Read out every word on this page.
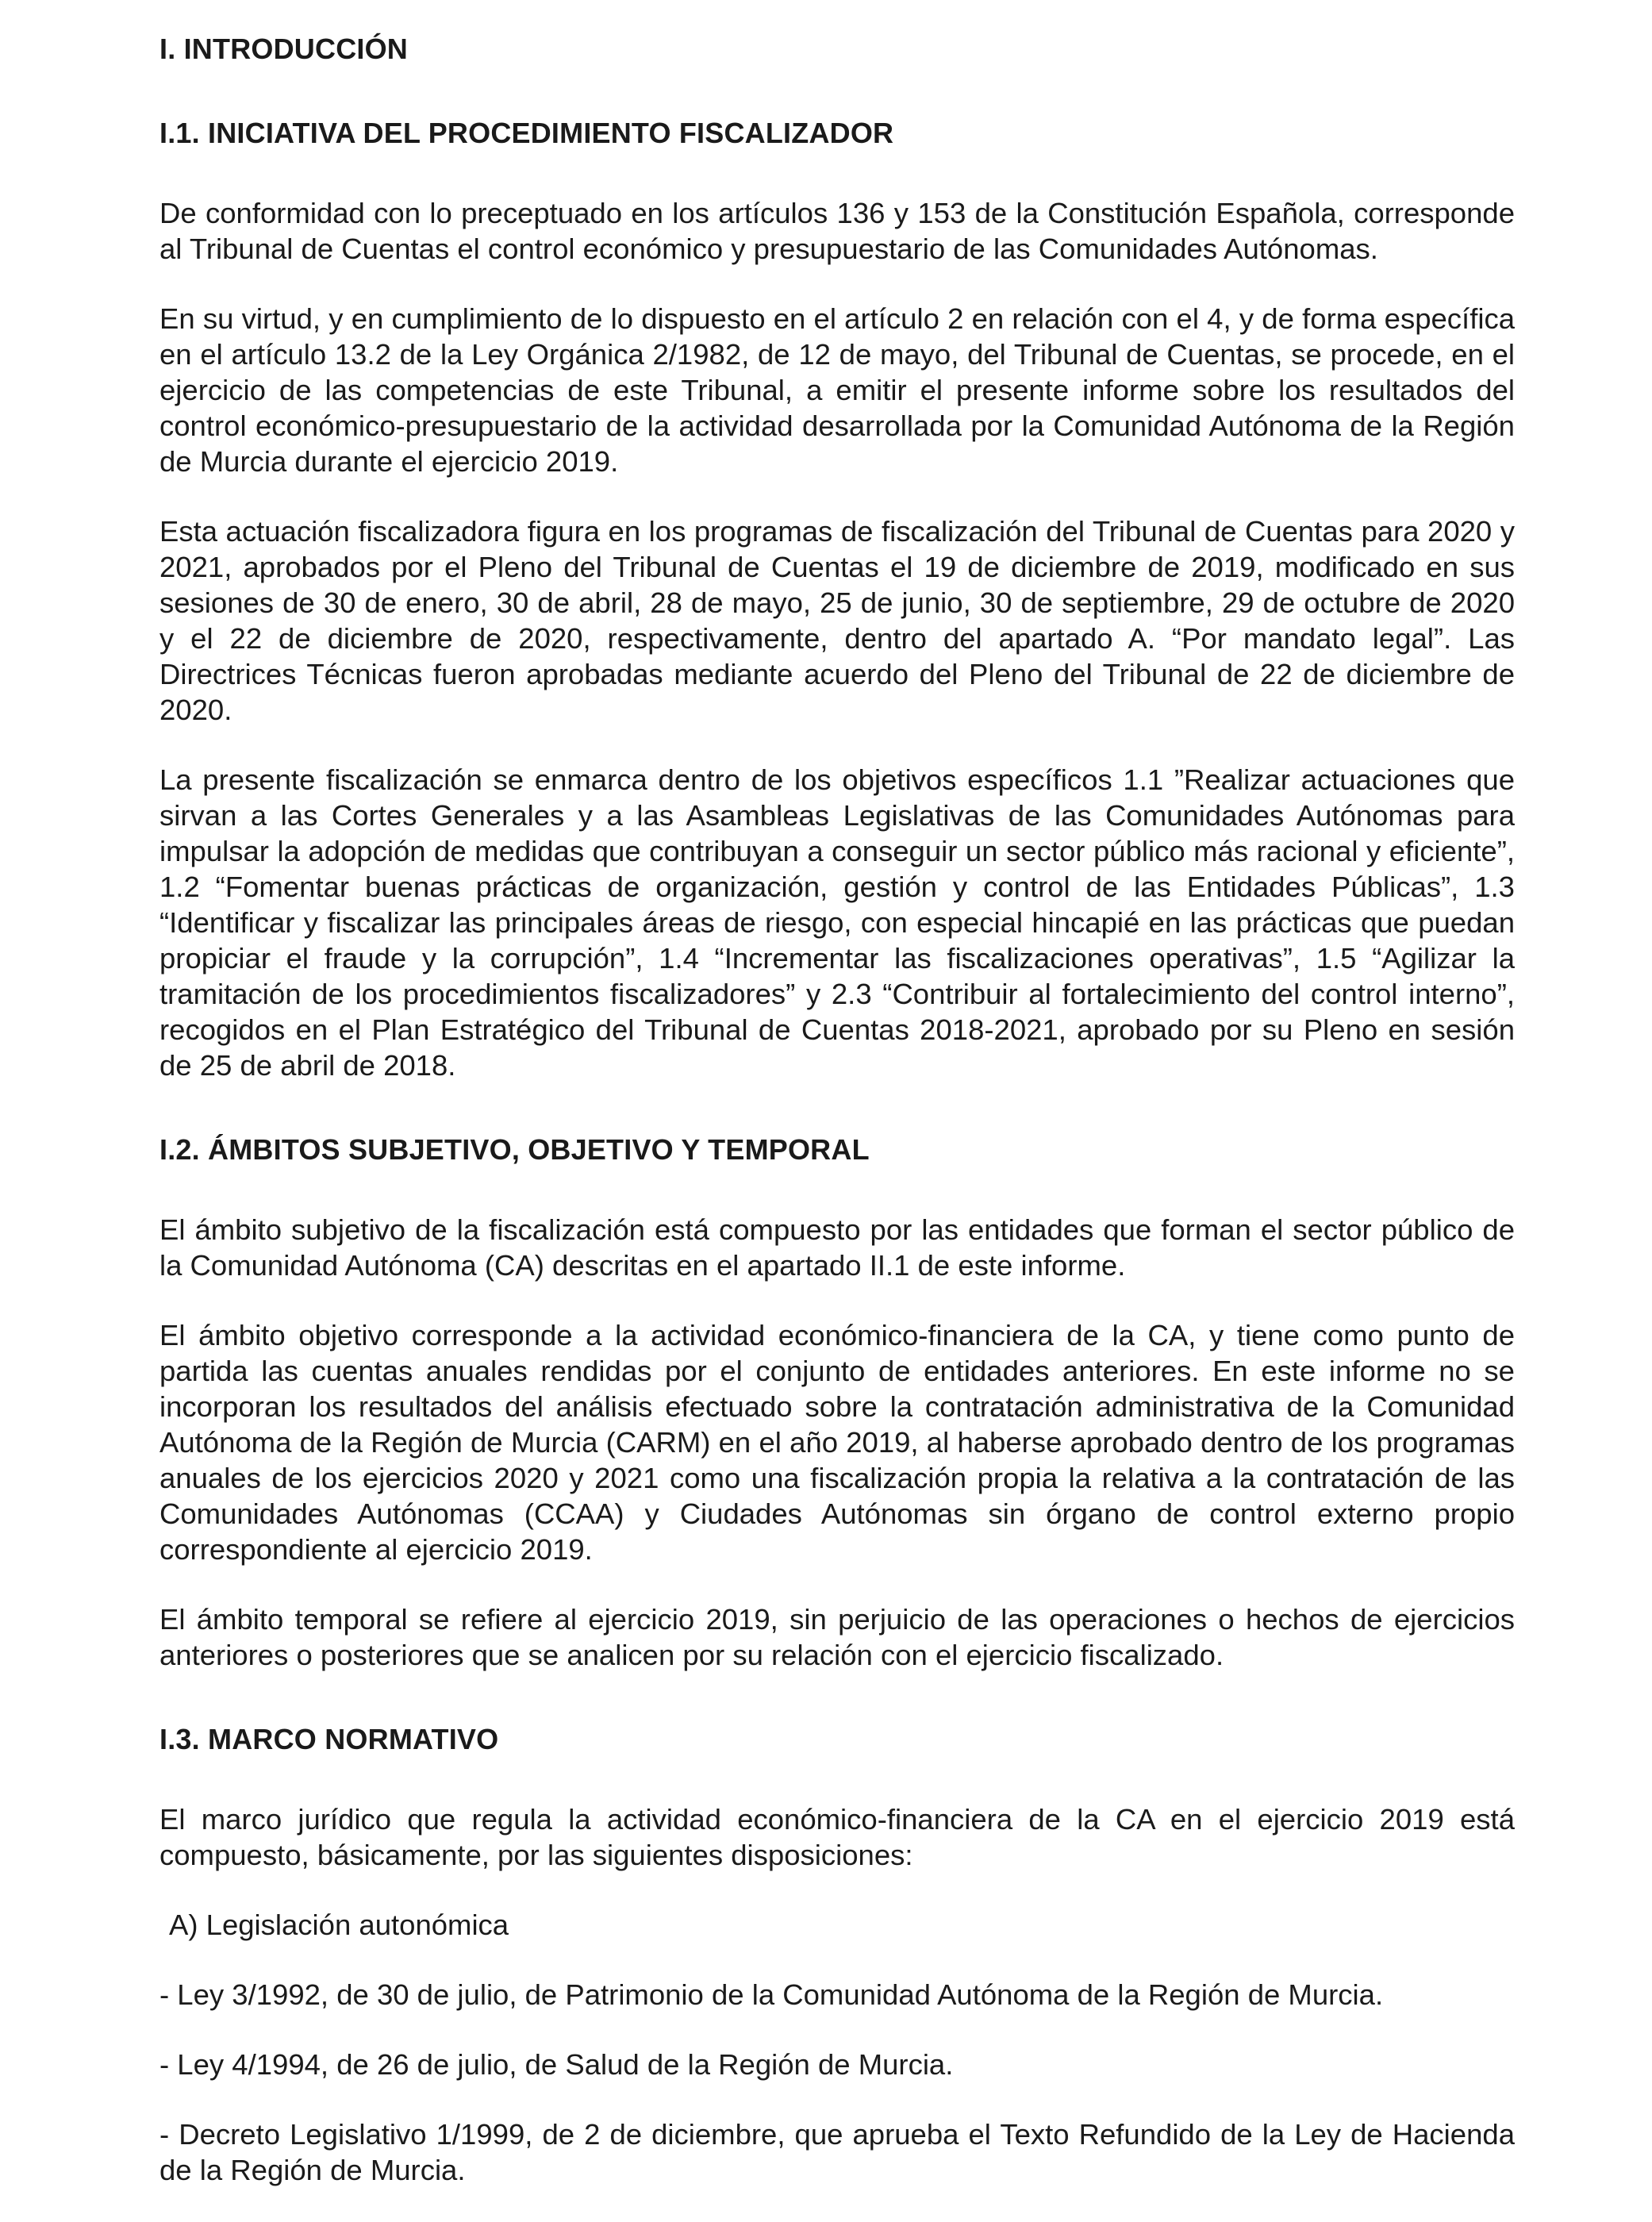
I. INTRODUCCIÓN
I.1. INICIATIVA DEL PROCEDIMIENTO FISCALIZADOR

De conformidad con lo preceptuado en los artículos 136 y 153 de la Constitución Española, corresponde al Tribunal de Cuentas el control económico y presupuestario de las Comunidades Autónomas.

En su virtud, y en cumplimiento de lo dispuesto en el artículo 2 en relación con el 4, y de forma específica en el artículo 13.2 de la Ley Orgánica 2/1982, de 12 de mayo, del Tribunal de Cuentas, se procede, en el ejercicio de las competencias de este Tribunal, a emitir el presente informe sobre los resultados del control económico-presupuestario de la actividad desarrollada por la Comunidad Autónoma de la Región de Murcia durante el ejercicio 2019.

Esta actuación fiscalizadora figura en los programas de fiscalización del Tribunal de Cuentas para 2020 y 2021, aprobados por el Pleno del Tribunal de Cuentas el 19 de diciembre de 2019, modificado en sus sesiones de 30 de enero, 30 de abril, 28 de mayo, 25 de junio, 30 de septiembre, 29 de octubre de 2020 y el 22 de diciembre de 2020, respectivamente, dentro del apartado A. “Por mandato legal”. Las Directrices Técnicas fueron aprobadas mediante acuerdo del Pleno del Tribunal de 22 de diciembre de 2020.

La presente fiscalización se enmarca dentro de los objetivos específicos 1.1 ”Realizar actuaciones que sirvan a las Cortes Generales y a las Asambleas Legislativas de las Comunidades Autónomas para impulsar la adopción de medidas que contribuyan a conseguir un sector público más racional y eficiente”, 1.2 “Fomentar buenas prácticas de organización, gestión y control de las Entidades Públicas”, 1.3 “Identificar y fiscalizar las principales áreas de riesgo, con especial hincapié en las prácticas que puedan propiciar el fraude y la corrupción”, 1.4 “Incrementar las fiscalizaciones operativas”, 1.5 “Agilizar la tramitación de los procedimientos fiscalizadores” y 2.3 “Contribuir al fortalecimiento del control interno”, recogidos en el Plan Estratégico del Tribunal de Cuentas 2018-2021, aprobado por su Pleno en sesión de 25 de abril de 2018.

I.2. ÁMBITOS SUBJETIVO, OBJETIVO Y TEMPORAL

El ámbito subjetivo de la fiscalización está compuesto por las entidades que forman el sector público de la Comunidad Autónoma (CA) descritas en el apartado II.1 de este informe.

El ámbito objetivo corresponde a la actividad económico-financiera de la CA, y tiene como punto de partida las cuentas anuales rendidas por el conjunto de entidades anteriores. En este informe no se incorporan los resultados del análisis efectuado sobre la contratación administrativa de la Comunidad Autónoma de la Región de Murcia (CARM) en el año 2019, al haberse aprobado dentro de los programas anuales de los ejercicios 2020 y 2021 como una fiscalización propia la relativa a la contratación de las Comunidades Autónomas (CCAA) y Ciudades Autónomas sin órgano de control externo propio correspondiente al ejercicio 2019.

El ámbito temporal se refiere al ejercicio 2019, sin perjuicio de las operaciones o hechos de ejercicios anteriores o posteriores que se analicen por su relación con el ejercicio fiscalizado.

I.3. MARCO NORMATIVO

El marco jurídico que regula la actividad económico-financiera de la CA en el ejercicio 2019 está compuesto, básicamente, por las siguientes disposiciones:

A) Legislación autonómica

- Ley 3/1992, de 30 de julio, de Patrimonio de la Comunidad Autónoma de la Región de Murcia.

- Ley 4/1994, de 26 de julio, de Salud de la Región de Murcia.

- Decreto Legislativo 1/1999, de 2 de diciembre, que aprueba el Texto Refundido de la Ley de Hacienda de la Región de Murcia.
